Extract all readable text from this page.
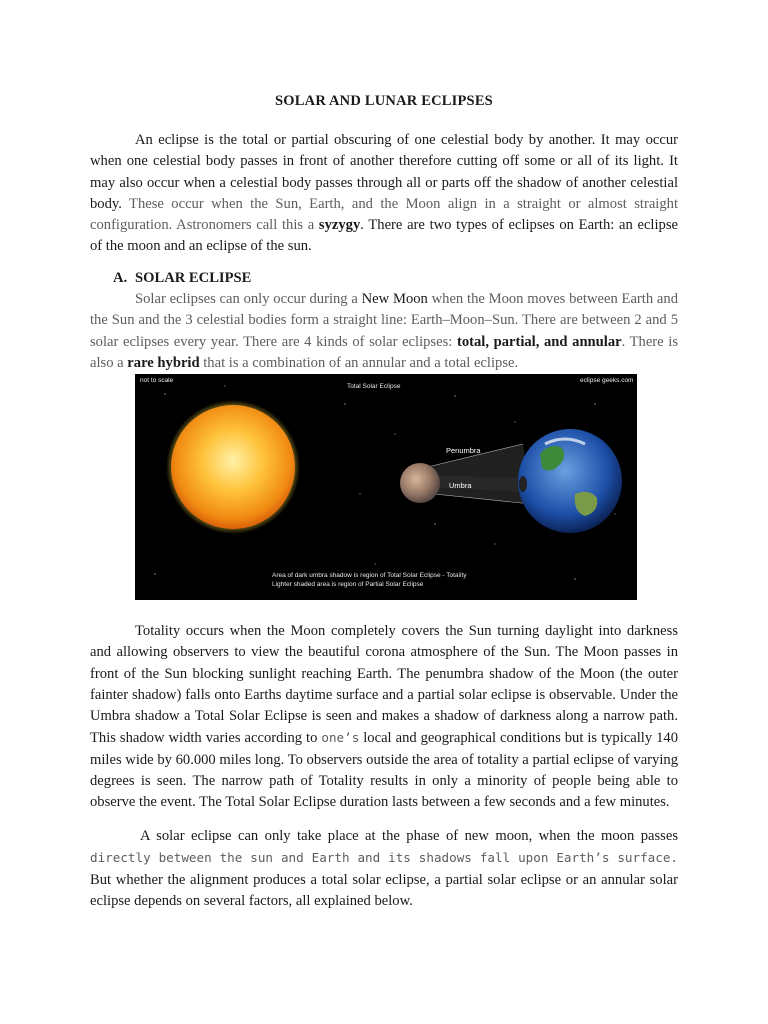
SOLAR AND LUNAR ECLIPSES

An eclipse is the total or partial obscuring of one celestial body by another. It may occur when one celestial body passes in front of another therefore cutting off some or all of its light. It may also occur when a celestial body passes through all or parts off the shadow of another celestial body. These occur when the Sun, Earth, and the Moon align in a straight or almost straight configuration. Astronomers call this a syzygy. There are two types of eclipses on Earth: an eclipse of the moon and an eclipse of the sun.

A. SOLAR ECLIPSE

Solar eclipses can only occur during a New Moon when the Moon moves between Earth and the Sun and the 3 celestial bodies form a straight line: Earth–Moon–Sun. There are between 2 and 5 solar eclipses every year. There are 4 kinds of solar eclipses: total, partial, and annular. There is also a rare hybrid that is a combination of an annular and a total eclipse.

not to scale
Total Solar Eclipse
eclipse geeks.com
Penumbra
Umbra
Area of dark umbra shadow is region of Total Solar Eclipse - Totality
Lighter shaded area is region of Partial Solar Eclipse

Totality occurs when the Moon completely covers the Sun turning daylight into darkness and allowing observers to view the beautiful corona atmosphere of the Sun. The Moon passes in front of the Sun blocking sunlight reaching Earth. The penumbra shadow of the Moon (the outer fainter shadow) falls onto Earths daytime surface and a partial solar eclipse is observable. Under the Umbra shadow a Total Solar Eclipse is seen and makes a shadow of darkness along a narrow path. This shadow width varies according to one’s local and geographical conditions but is typically 140 miles wide by 60.000 miles long. To observers outside the area of totality a partial eclipse of varying degrees is seen. The narrow path of Totality results in only a minority of people being able to observe the event. The Total Solar Eclipse duration lasts between a few seconds and a few minutes.

A solar eclipse can only take place at the phase of new moon, when the moon passes directly between the sun and Earth and its shadows fall upon Earth’s surface. But whether the alignment produces a total solar eclipse, a partial solar eclipse or an annular solar eclipse depends on several factors, all explained below.
